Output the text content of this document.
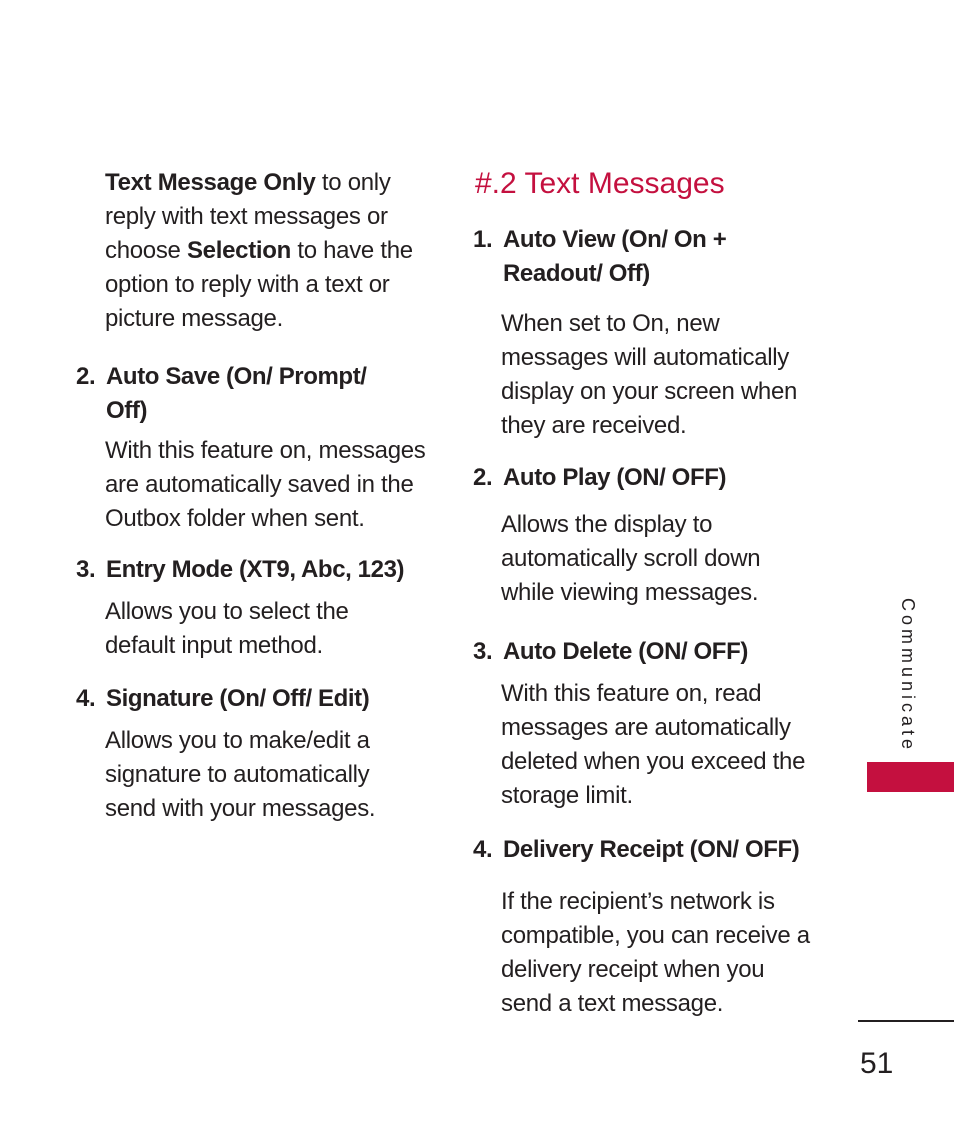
Text Message Only to only
reply with text messages or
choose Selection to have the
option to reply with a text or
picture message.
2. Auto Save (On/ Prompt/
Off)
With this feature on, messages
are automatically saved in the
Outbox folder when sent.
3. Entry Mode (XT9, Abc, 123)
Allows you to select the
default input method.
4. Signature (On/ Off/ Edit)
Allows you to make/edit a
signature to automatically
send with your messages.
#.2 Text Messages
1. Auto View (On/ On +
Readout/ Off)
When set to On, new
messages will automatically
display on your screen when
they are received.
2. Auto Play (ON/ OFF)
Allows the display to
automatically scroll down
while viewing messages.
3. Auto Delete (ON/ OFF)
With this feature on, read
messages are automatically
deleted when you exceed the
storage limit.
4. Delivery Receipt (ON/ OFF)
If the recipient’s network is
compatible, you can receive a
delivery receipt when you
send a text message.
Communicate
51
